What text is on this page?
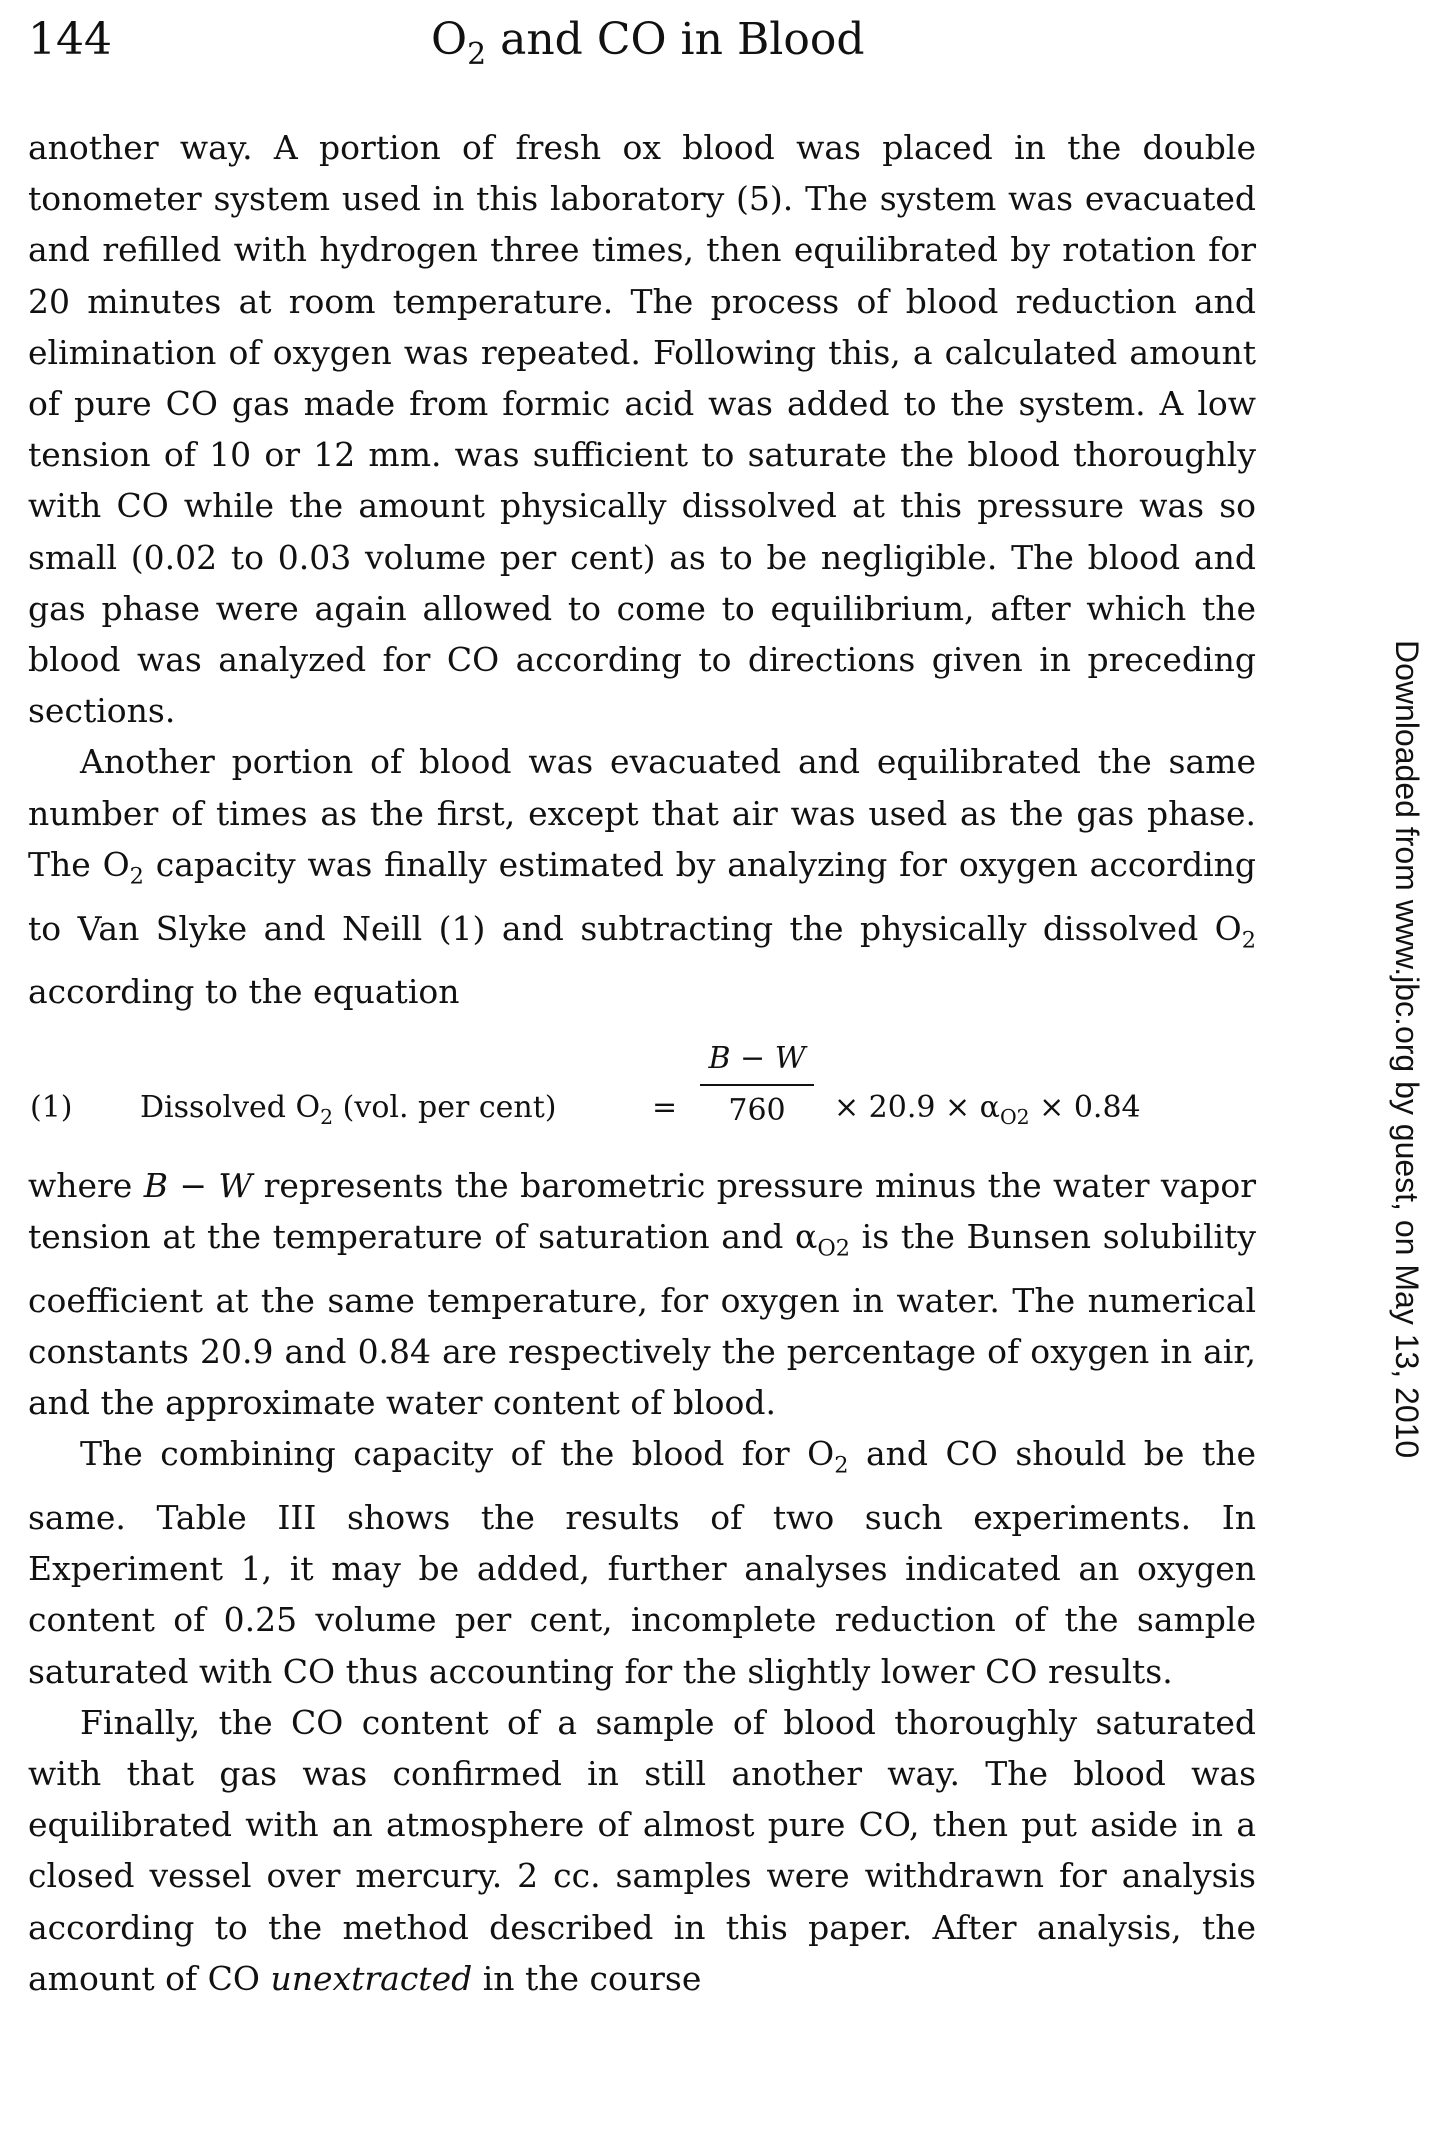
144	$O_2$ and CO in Blood

another way. A portion of fresh ox blood was placed in the double tonometer system used in this laboratory (5). The system was evacuated and refilled with hydrogen three times, then equilibrated by rotation for 20 minutes at room temperature. The process of blood reduction and elimination of oxygen was repeated. Following this, a calculated amount of pure CO gas made from formic acid was added to the system. A low tension of 10 or 12 mm. was sufficient to saturate the blood thoroughly with CO while the amount physically dissolved at this pressure was so small (0.02 to 0.03 volume per cent) as to be negligible. The blood and gas phase were again allowed to come to equilibrium, after which the blood was analyzed for CO according to directions given in preceding sections.

Another portion of blood was evacuated and equilibrated the same number of times as the first, except that air was used as the gas phase. The $O_2$ capacity was finally estimated by analyzing for oxygen according to Van Slyke and Neill (1) and subtracting the physically dissolved $O_2$ according to the equation

(1) Dissolved $O_2$ (vol. per cent)	=
B − W
760	× $20.9 \times \alpha_{O2} \times 0.84$

where B − W represents the barometric pressure minus the water vapor tension at the temperature of saturation and $\alpha_{O2}$ is the Bunsen solubility coefficient at the same temperature, for oxygen in water. The numerical constants 20.9 and 0.84 are respectively the percentage of oxygen in air, and the approximate water content of blood.

The combining capacity of the blood for $O_2$ and CO should be the same. Table III shows the results of two such experiments. In Experiment 1, it may be added, further analyses indicated an oxygen content of 0.25 volume per cent, incomplete reduction of the sample saturated with CO thus accounting for the slightly lower CO results.

Finally, the CO content of a sample of blood thoroughly saturated with that gas was confirmed in still another way. The blood was equilibrated with an atmosphere of almost pure CO, then put aside in a closed vessel over mercury. 2 cc. samples were withdrawn for analysis according to the method described in this paper. After analysis, the amount of CO unextracted in the course

Downloaded from www.jbc.org by guest, on May 13, 2010
